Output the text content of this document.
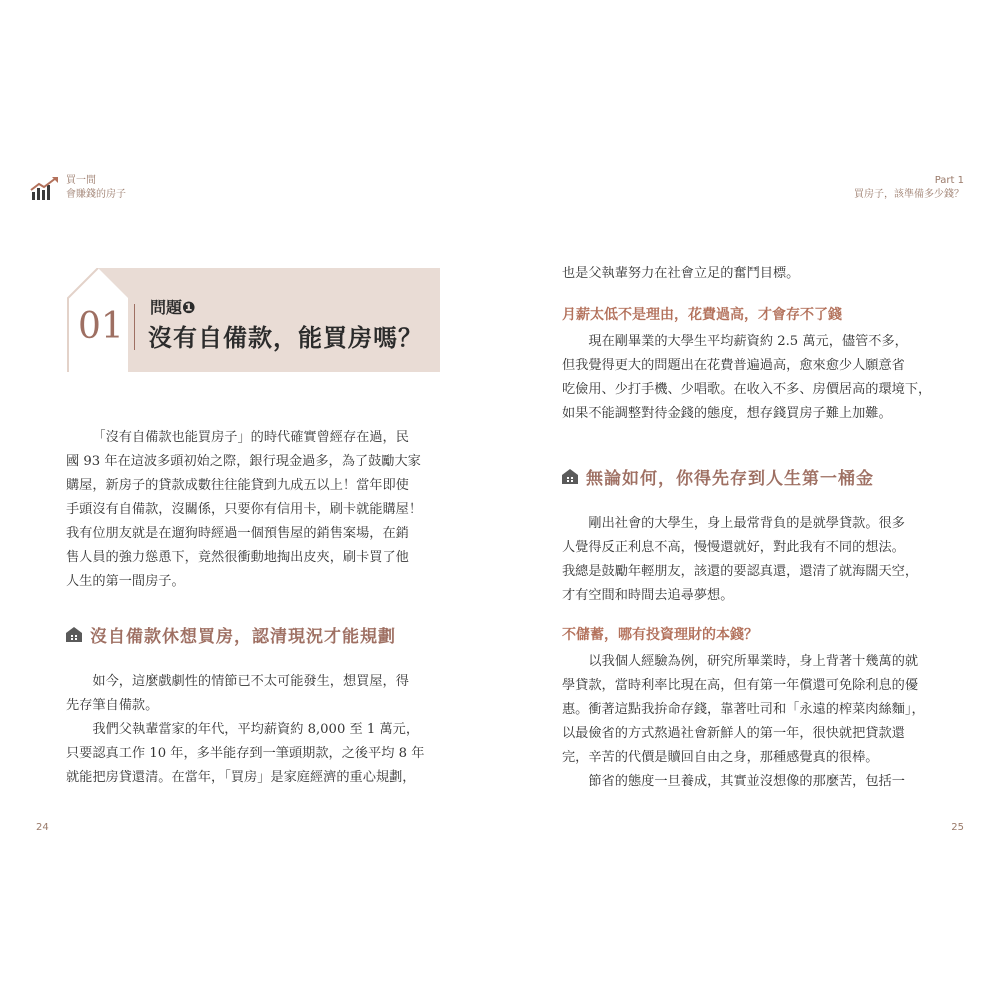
買一間
會賺錢的房子
Part 1
買房子，該準備多少錢？
01 問題❶
沒有自備款，能買房嗎？

「沒有自備款也能買房子」的時代確實曾經存在過，民

國 93 年在這波多頭初始之際，銀行現金過多，為了鼓勵大家

購屋，新房子的貸款成數往往能貸到九成五以上！當年即使

手頭沒有自備款，沒關係，只要你有信用卡，刷卡就能購屋！

我有位朋友就是在遛狗時經過一個預售屋的銷售案場，在銷

售人員的強力慫恿下，竟然很衝動地掏出皮夾，刷卡買了他

人生的第一間房子。

沒自備款休想買房，認清現況才能規劃

如今，這麼戲劇性的情節已不太可能發生，想買屋，得

先存筆自備款。

我們父執輩當家的年代，平均薪資約 8,000 至 1 萬元，

只要認真工作 10 年，多半能存到一筆頭期款，之後平均 8 年

就能把房貸還清。在當年，「買房」是家庭經濟的重心規劃，

24

也是父執輩努力在社會立足的奮鬥目標。

月薪太低不是理由，花費過高，才會存不了錢

現在剛畢業的大學生平均薪資約 2.5 萬元，儘管不多，

但我覺得更大的問題出在花費普遍過高，愈來愈少人願意省

吃儉用、少打手機、少唱歌。在收入不多、房價居高的環境下，

如果不能調整對待金錢的態度，想存錢買房子難上加難。

無論如何，你得先存到人生第一桶金

剛出社會的大學生，身上最常背負的是就學貸款。很多

人覺得反正利息不高，慢慢還就好，對此我有不同的想法。

我總是鼓勵年輕朋友，該還的要認真還，還清了就海闊天空，

才有空間和時間去追尋夢想。

不儲蓄，哪有投資理財的本錢？

以我個人經驗為例，研究所畢業時，身上背著十幾萬的就

學貸款，當時利率比現在高，但有第一年償還可免除利息的優

惠。衝著這點我拚命存錢，靠著吐司和「永遠的榨菜肉絲麵」，

以最儉省的方式熬過社會新鮮人的第一年，很快就把貸款還

完，辛苦的代價是贖回自由之身，那種感覺真的很棒。

節省的態度一旦養成，其實並沒想像的那麼苦，包括一

25
